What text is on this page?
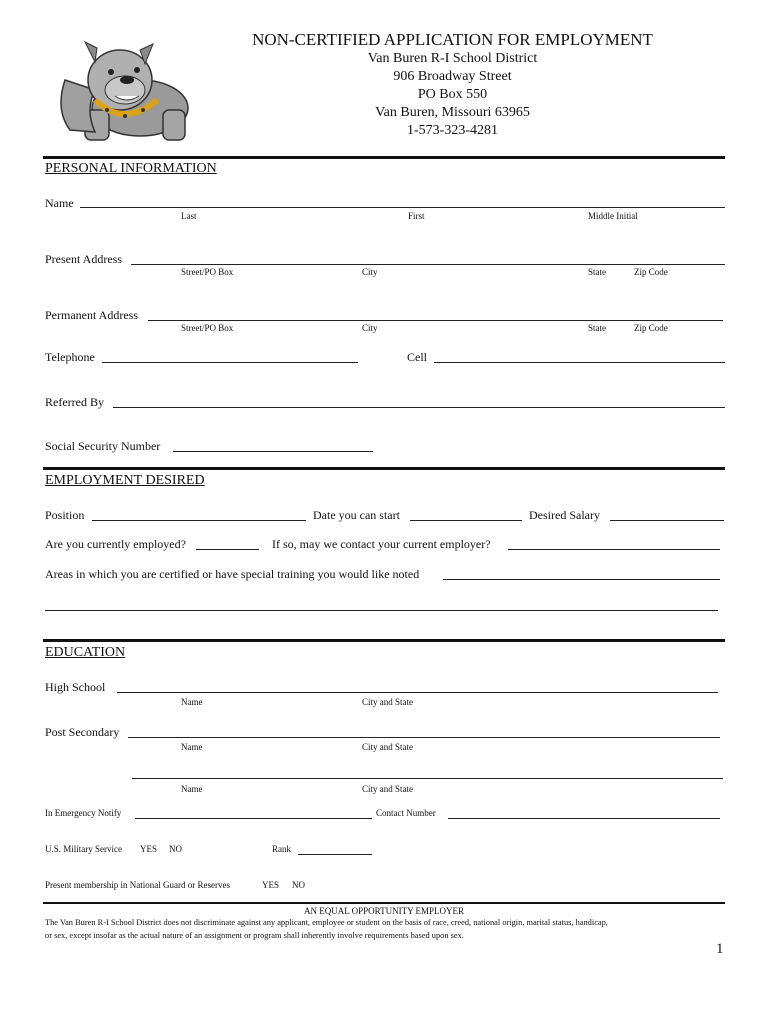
NON-CERTIFIED APPLICATION FOR EMPLOYMENT
Van Buren R-I School District
906 Broadway Street
PO Box 550
Van Buren, Missouri 63965
1-573-323-4281
PERSONAL INFORMATION
Name
Last	First	Middle Initial
Present Address
Street/PO Box	City	State	Zip Code
Permanent Address
Street/PO Box	City	State	Zip Code
Telephone	Cell
Referred By
Social Security Number
EMPLOYMENT DESIRED
Position	Date you can start	Desired Salary
Are you currently employed?	If so, may we contact your current employer?
Areas in which you are certified or have special training you would like noted
EDUCATION
High School
Name	City and State
Post Secondary
Name	City and State
Name	City and State
In Emergency Notify	Contact Number
U.S. Military Service YES NO	Rank
Present membership in National Guard or Reserves	YES NO
AN EQUAL OPPORTUNITY EMPLOYER
The Van Buren R-I School District does not discriminate against any applicant, employee or student on the basis of race, creed, national origin, marital status, handicap,
or sex, except insofar as the actual nature of an assignment or program shall inherently involve requirements based upon sex.
1
